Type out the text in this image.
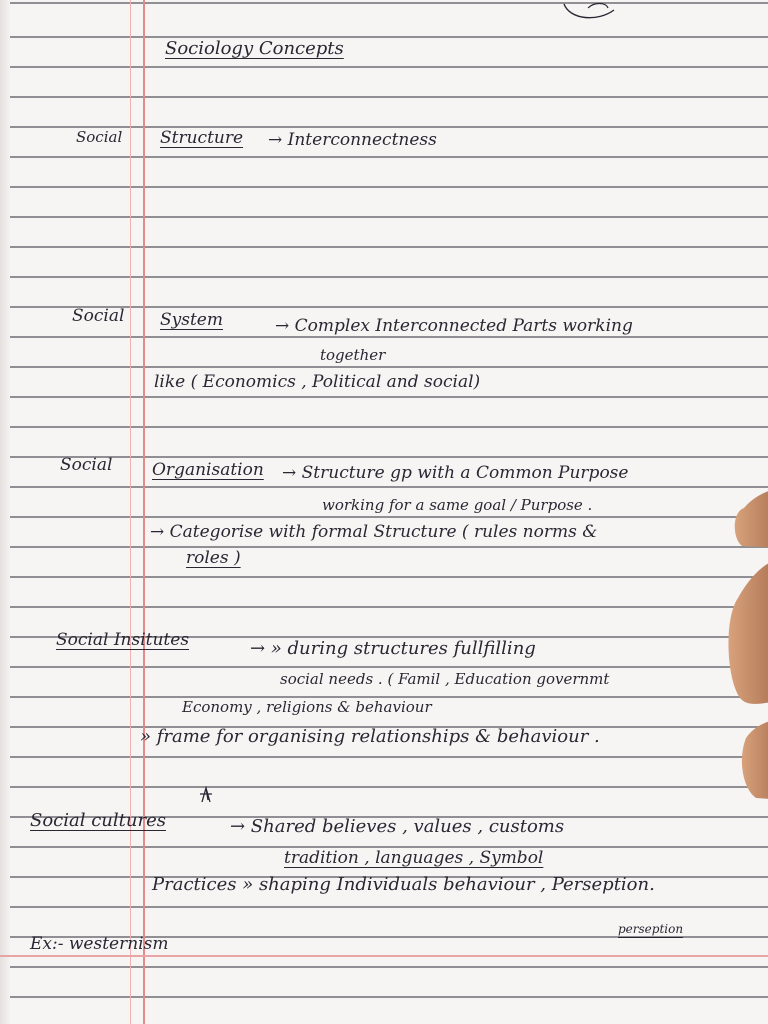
Sociology Concepts
Social Structure → Interconnectness
Social System	→ Complex Interconnected Parts working
together
like ( Economics , Political and social)
Social Organisation → Structure gp with a Common Purpose
working for a same goal / Purpose .
→ Categorise with formal Structure ( rules norms &
roles )
Social Insitutes	→ » during structures fullfilling
social needs . ( Famil , Education governmt
Economy , religions & behaviour
» frame for organising relationships & behaviour .
Social cultures	→ Shared believes , values , customs
tradition , languages , Symbol
Practices » shaping Individuals behaviour , Perseption.
perseption
Ex:- westernism
